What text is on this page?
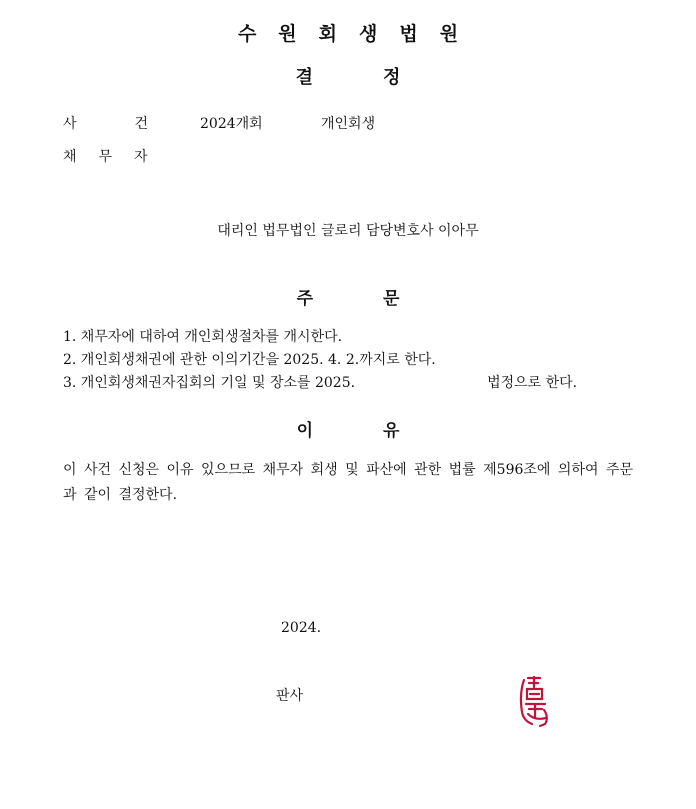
수원회생법원
결정
사건
2024개회	개인회생
채무자
대리인 법무법인 글로리 담당변호사 이아무
주문
1. 채무자에 대하여 개인회생절차를 개시한다.
2. 개인회생채권에 관한 이의기간을 2025. 4. 2.까지로 한다.
3. 개인회생채권자집회의 기일 및 장소를 2025.	법정으로 한다.
이유
이 사건 신청은 이유 있으므로 채무자 회생 및 파산에 관한 법률 제596조에 의하여 주문과 같이 결정한다.
2024.
판사
